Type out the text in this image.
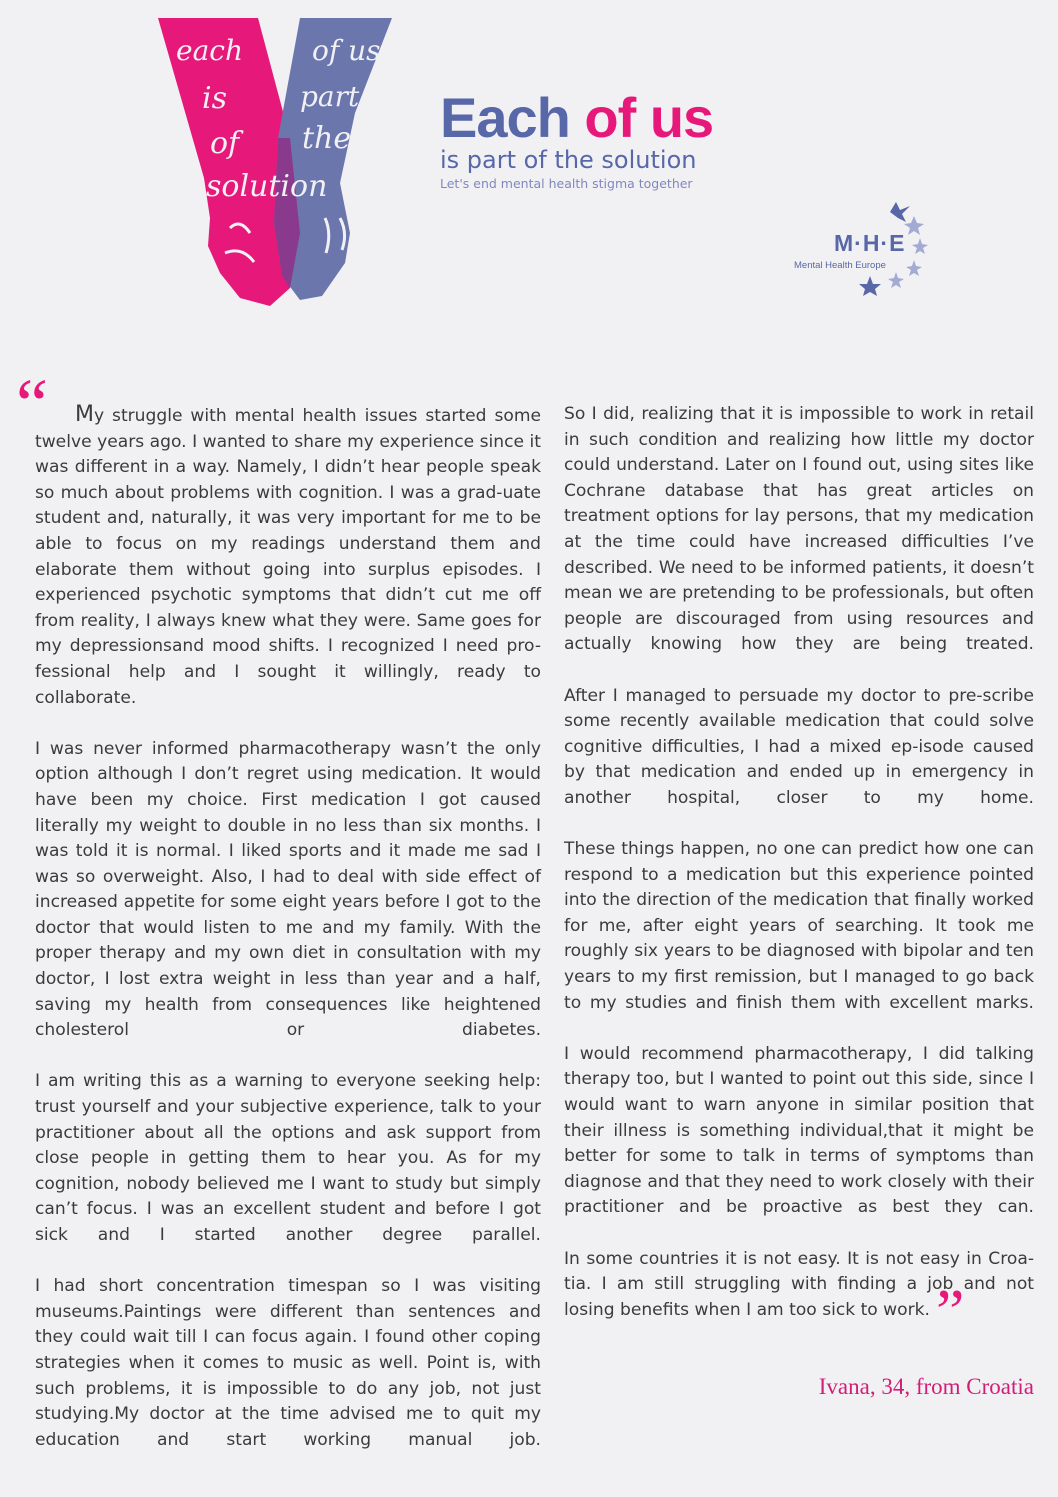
each
is
of
solution
of us
part
the Each of us
is part of the solution
Let's end mental health stigma together
M·H·E
Mental Health Europe
“	My struggle with mental health issues started some twelve years ago. I wanted to share my experience since it was different in a way. Namely, I didn’t hear people speak so much about problems with cognition. I was a grad-uate student and, naturally, it was very important for me to be able to focus on my readings understand them and elaborate them without going into surplus episodes. I experienced psychotic symptoms that didn’t cut me off from reality, I always knew what they were. Same goes for my depressionsand mood shifts. I recognized I need pro-fessional help and I sought it willingly, ready to collaborate.

I was never informed pharmacotherapy wasn’t the only option although I don’t regret using medication. It would have been my choice. First medication I got caused literally my weight to double in no less than six months. I was told it is normal. I liked sports and it made me sad I was so overweight. Also, I had to deal with side effect of increased appetite for some eight years before I got to the doctor that would listen to me and my family. With the proper therapy and my own diet in consultation with my doctor, I lost extra weight in less than year and a half, saving my health from consequences like heightened cholesterol or diabetes.

I am writing this as a warning to everyone seeking help: trust yourself and your subjective experience, talk to your practitioner about all the options and ask support from close people in getting them to hear you. As for my cognition, nobody believed me I want to study but simply can’t focus. I was an excellent student and before I got sick and I started another degree parallel.

I had short concentration timespan so I was visiting museums.Paintings were different than sentences and they could wait till I can focus again. I found other coping strategies when it comes to music as well. Point is, with such problems, it is impossible to do any job, not just studying.My doctor at the time advised me to quit my education and start working manual job.

So I did, realizing that it is impossible to work in retail in such condition and realizing how little my doctor could understand. Later on I found out, using sites like Cochrane database that has great articles on treatment options for lay persons, that my medication at the time could have increased difficulties I’ve described. We need to be informed patients, it doesn’t mean we are pretending to be professionals, but often people are discouraged from using resources and actually knowing how they are being treated.

After I managed to persuade my doctor to pre-scribe some recently available medication that could solve cognitive difficulties, I had a mixed ep-isode caused by that medication and ended up in emergency in another hospital, closer to my home.

These things happen, no one can predict how one can respond to a medication but this experience pointed into the direction of the medication that finally worked for me, after eight years of searching. It took me roughly six years to be diagnosed with bipolar and ten years to my first remission, but I managed to go back to my studies and finish them with excellent marks.

I would recommend pharmacotherapy, I did talking therapy too, but I wanted to point out this side, since I would want to warn anyone in similar position that their illness is something individual,that it might be better for some to talk in terms of symptoms than diagnose and that they need to work closely with their practitioner and be proactive as best they can.

In some countries it is not easy. It is not easy in Croa-tia. I am still struggling with finding a job and not losing benefits when I am too sick to work.”

Ivana, 34, from Croatia
